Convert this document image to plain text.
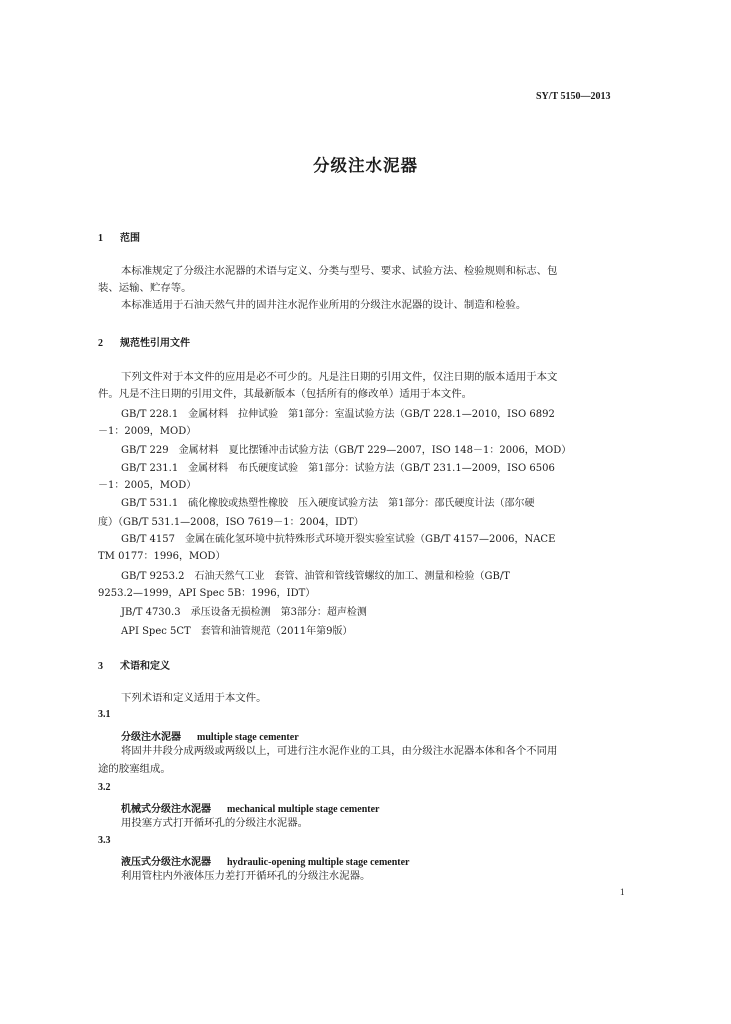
SY/T 5150—2013
分级注水泥器
1 范围
本标准规定了分级注水泥器的术语与定义、分类与型号、要求、试验方法、检验规则和标志、包
装、运输、贮存等。
本标准适用于石油天然气井的固井注水泥作业所用的分级注水泥器的设计、制造和检验。
2 规范性引用文件
下列文件对于本文件的应用是必不可少的。凡是注日期的引用文件，仅注日期的版本适用于本文
件。凡是不注日期的引用文件，其最新版本（包括所有的修改单）适用于本文件。
GB/T 228.1　金属材料　拉伸试验　第1部分：室温试验方法（GB/T 228.1—2010，ISO 6892
－1：2009，MOD）
GB/T 229　金属材料　夏比摆锤冲击试验方法（GB/T 229—2007，ISO 148－1：2006，MOD）
GB/T 231.1　金属材料　布氏硬度试验　第1部分：试验方法（GB/T 231.1—2009，ISO 6506
－1：2005，MOD）
GB/T 531.1　硫化橡胶或热塑性橡胶　压入硬度试验方法　第1部分：邵氏硬度计法（邵尔硬
度）（GB/T 531.1—2008，ISO 7619－1：2004，IDT）
GB/T 4157　金属在硫化氢环境中抗特殊形式环境开裂实验室试验（GB/T 4157—2006，NACE
TM 0177：1996，MOD）
GB/T 9253.2　石油天然气工业　套管、油管和管线管螺纹的加工、测量和检验（GB/T
9253.2—1999，API Spec 5B：1996，IDT）
JB/T 4730.3　承压设备无损检测　第3部分：超声检测
API Spec 5CT　套管和油管规范（2011年第9版）
3 术语和定义
下列术语和定义适用于本文件。
3.1
分级注水泥器 multiple stage cementer
将固井井段分成两级或两级以上，可进行注水泥作业的工具，由分级注水泥器本体和各个不同用
途的胶塞组成。
3.2
机械式分级注水泥器 mechanical multiple stage cementer
用投塞方式打开循环孔的分级注水泥器。
3.3
液压式分级注水泥器 hydraulic-opening multiple stage cementer
利用管柱内外液体压力差打开循环孔的分级注水泥器。
1
